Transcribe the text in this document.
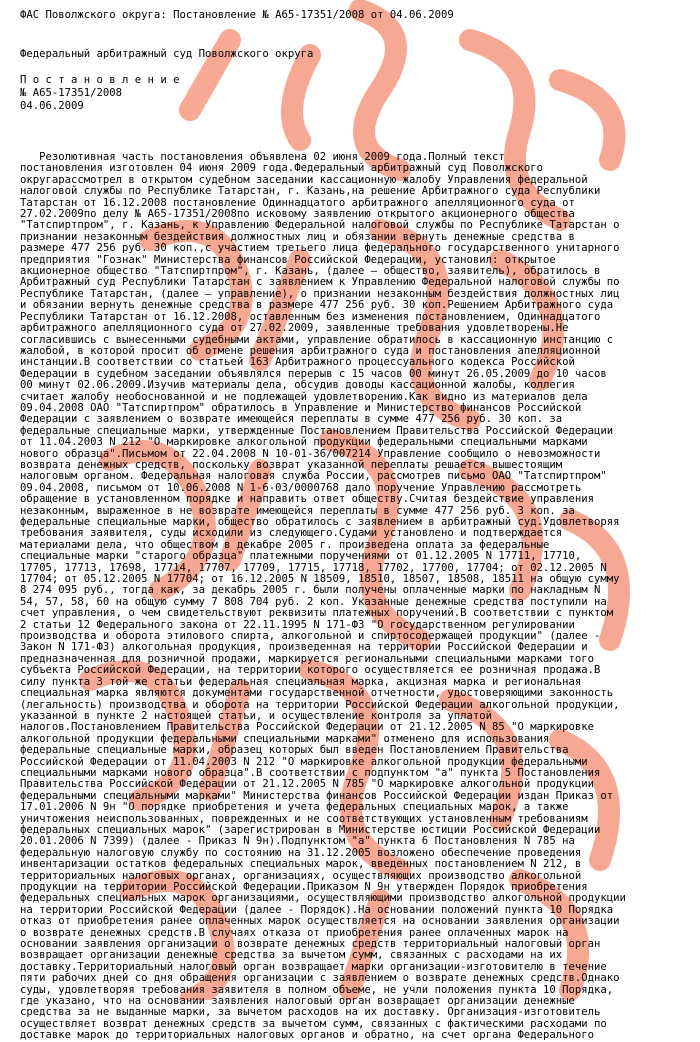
ФАС Поволжского округа: Постановление № А65-17351/2008 от 04.06.2009

Федеральный арбитражный суд Поволжского округа

П о с т а н о в л е н и е

№ А65-17351/2008

04.06.2009

Резолютивная часть постановления объявлена 02 июня 2009 года.Полный текст

постановления изготовлен 04 июня 2009 года.Федеральный арбитражный суд Поволжского

округарассмотрел в открытом судебном заседании кассационную жалобу Управления федеральной

налоговой службы по Республике Татарстан, г. Казань,на решение Арбитражного суда Республики

Татарстан от 16.12.2008 постановление Одиннадцатого арбитражного апелляционного суда от

27.02.2009по делу № А65-17351/2008по исковому заявлению открытого акционерного общества

"Татспиртпром", г. Казань, к Управлению Федеральной налоговой службы по Республике Татарстан о

признании незаконным бездействия должностных лиц и обязании вернуть денежные средства в

размере 477 256 руб. 30 коп.,с участием третьего лица федерального государственного унитарного

предприятия "Гознак" Министерства финансов Российской Федерации, установил: открытое

акционерное общество "Татспиртпром", г. Казань, (далее – общество, заявитель), обратилось в

Арбитражный суд Республики Татарстан с заявлением к Управлению Федеральной налоговой службы по

Республике Татарстан, (далее – управление), о признании незаконным бездействия должностных лиц

и обязании вернуть денежные средства в размере 477 256 руб. 30 коп.Решением Арбитражного суда

Республики Татарстан от 16.12.2008, оставленным без изменения постановлением, Одиннадцатого

арбитражного апелляционного суда от 27.02.2009, заявленные требования удовлетворены.Не

согласившись с вынесенными судебными актами, управление обратилось в кассационную инстанцию с

жалобой, в которой просит об отмене решения арбитражного суда и постановления апелляционной

инстанции.В соответствии со статьей 163 Арбитражного процессуального кодекса Российской

Федерации в судебном заседании объявлялся перерыв с 15 часов 00 минут 26.05.2009 до 10 часов

00 минут 02.06.2009.Изучив материалы дела, обсудив доводы кассационной жалобы, коллегия

считает жалобу необоснованной и не подлежащей удовлетворению.Как видно из материалов дела

09.04.2008 ОАО "Татспиртпром" обратилось в Управление и Министерство финансов Российской

Федерации с заявлением о возврате имеющейся переплаты в сумме 477 256 руб. 30 коп. за

федеральные специальные марки, утвержденные Постановлением Правительства Российской Федерации

от 11.04.2003 N 212 "О маркировке алкогольной продукции федеральными специальными марками

нового образца".Письмом от 22.04.2008 N 10-01-36/007214 Управление сообщило о невозможности

возврата денежных средств, поскольку возврат указанной переплаты решается вышестоящим

налоговым органом. Федеральная налоговая служба России, рассмотрев письмо ОАО "Татспиртпром"

09.04.2008, письмом от 10.06.2008 N 1-6-03/0000768 дало поручение Управлению рассмотреть

обращение в установленном порядке и направить ответ обществу.Считая бездействие управления

незаконным, выраженное в не возврате имеющейся переплаты в сумме 477 256 руб. 3 коп. за

федеральные специальные марки, общество обратилось с заявлением в арбитражный суд.Удовлетворяя

требования заявителя, суды исходили из следующего.Судами установлено и подтверждается

материалами дела, что обществом в декабре 2005 г. произведена оплата за федеральные

специальные марки "старого образца" платежными поручениями от 01.12.2005 N 17711, 17710,

17705, 17713, 17698, 17714, 17707, 17709, 17715, 17718, 17702, 17700, 17704; от 02.12.2005 N

17704; от 05.12.2005 N 17704; от 16.12.2005 N 18509, 18510, 18507, 18508, 18511 на общую сумму

8 274 095 руб., тогда как, за декабрь 2005 г. были получены оплаченные марки по накладным N

54, 57, 58, 60 на общую сумму 7 808 704 руб. 2 коп. Указанные денежные средства поступили на

счет управления, о чем свидетельствуют реквизиты платежных поручений.В соответствии с пунктом

2 статьи 12 Федерального закона от 22.11.1995 N 171-ФЗ "О государственном регулировании

производства и оборота этилового спирта, алкогольной и спиртосодержащей продукции" (далее -

Закон N 171-ФЗ) алкогольная продукция, произведенная на территории Российской Федерации и

предназначенная для розничной продажи, маркируется региональными специальными марками того

субъекта Российской Федерации, на территории которого осуществляется ее розничная продажа.В

силу пункта 3 той же статьи федеральная специальная марка, акцизная марка и региональная

специальная марка являются документами государственной отчетности, удостоверяющими законность

(легальность) производства и оборота на территории Российской Федерации алкогольной продукции,

указанной в пункте 2 настоящей статьи, и осуществление контроля за уплатой

налогов.Постановлением Правительства Российской Федерации от 21.12.2005 N 85 "О маркировке

алкогольной продукции федеральными специальными марками" отменено для использования

федеральные специальные марки, образец которых был введен Постановлением Правительства

Российской Федерации от 11.04.2003 N 212 "О маркировке алкогольной продукции федеральными

специальными марками нового образца".В соответствии с подпунктом "а" пункта 5 Постановления

Правительства Российской Федерации от 21.12.2005 N 785 "О маркировке алкогольной продукции

федеральными специальными марками" Министерства финансов Российской Федерации издан Приказ от

17.01.2006 N 9н "О порядке приобретения и учета федеральных специальных марок, а также

уничтожения неиспользованных, поврежденных и не соответствующих установленным требованиям

федеральных специальных марок" (зарегистрирован в Министерстве юстиции Российской Федерации

20.01.2006 N 7399) (далее - Приказ N 9н).Подпунктом "а" пункта 6 Постановления N 785 на

федеральную налоговую службу по состоянию на 31.12.2005 возложено обеспечение проведения

инвентаризации остатков федеральных специальных марок, введенных постановлением N 212, в

территориальных налоговых органах, организациях, осуществляющих производство алкогольной

продукции на территории Российской Федерации.Приказом N 9н утвержден Порядок приобретения

федеральных специальных марок организациями, осуществляющими производство алкогольной продукции

на территории Российской Федерации (далее - Порядок).На основании положений пункта 10 Порядка

отказ от приобретения ранее оплаченных марок осуществляется на основании заявления организации

о возврате денежных средств.В случаях отказа от приобретения ранее оплаченных марок на

основании заявления организации о возврате денежных средств территориальный налоговый орган

возвращает организации денежные средства за вычетом сумм, связанных с расходами на их

доставку.Территориальный налоговый орган возвращает марки организации-изготовителю в течение

пяти рабочих дней со дня обращения организации с заявлением о возврате денежных средств.Однако

суды, удовлетворяя требования заявителя в полном объеме, не учли положения пункта 10 Порядка,

где указано, что на основании заявления налоговый орган возвращает организации денежные

средства за не выданные марки, за вычетом расходов на их доставку. Организация-изготовитель

осуществляет возврат денежных средств за вычетом сумм, связанных с фактическими расходами по

доставке марок до территориальных налоговых органов и обратно, на счет органа Федерального
